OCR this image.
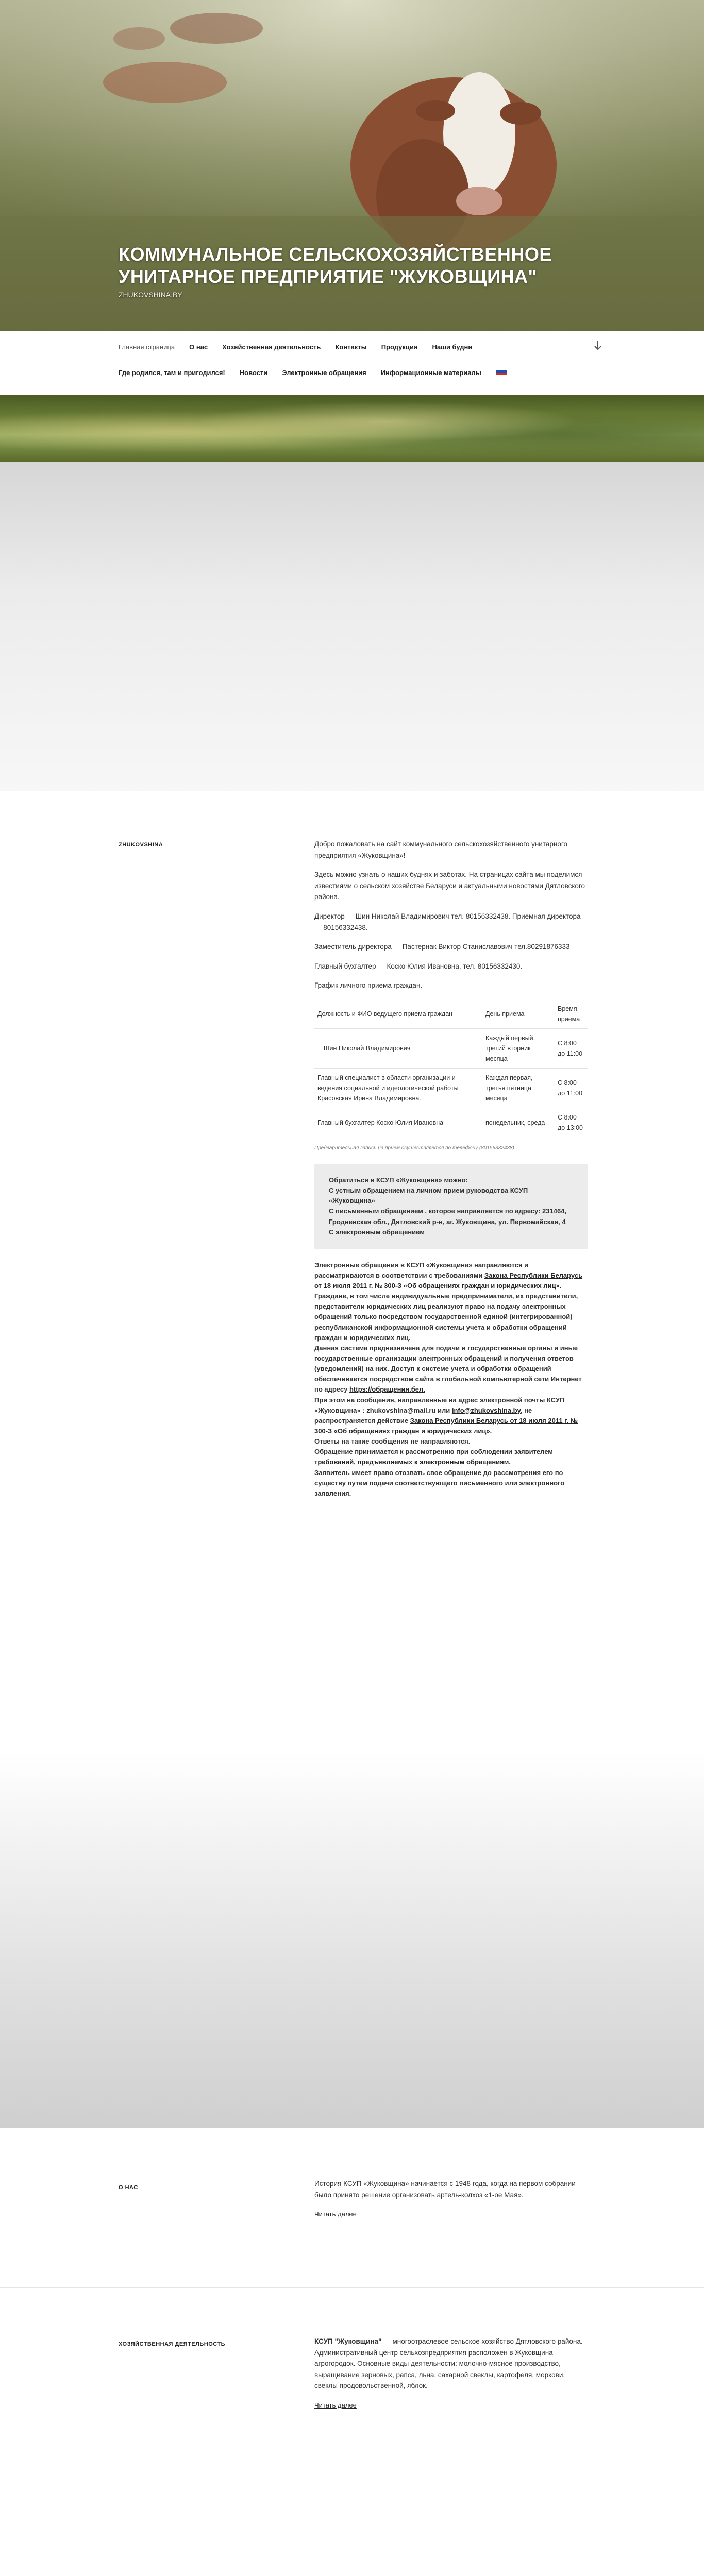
КОММУНАЛЬНОЕ СЕЛЬСКОХОЗЯЙСТВЕННОЕ УНИТАРНОЕ ПРЕДПРИЯТИЕ "ЖУКОВЩИНА"
ZHUKOVSHINA.BY
Главная страница О нас Хозяйственная деятельность Контакты Продукция Наши будни
Где родился, там и пригодился! Новости Электронные обращения Информационные материалы
ZHUKOVSHINA	Добро пожаловать на сайт коммунального сельскохозяйственного унитарного предприятия «Жуковщина»!

Здесь можно узнать о наших буднях и заботах. На страницах сайта мы поделимся известиями о сельском хозяйстве Беларуси и актуальными новостями Дятловского района.

Директор — Шин Николай Владимирович тел. 80156332438. Приемная директора — 80156332438.

Заместитель директора — Пастернак Виктор Станиславович тел.80291876333

Главный бухгалтер — Коско Юлия Ивановна, тел. 80156332430.

График личного приема граждан.

Должность и ФИО ведущего приема граждан	День приема	Время приема
Шин Николай Владимирович	Каждый первый, третий вторник месяца	С 8:00 до 11:00
Главный специалист в области организации и ведения социальной и идеологической работы Красовская Ирина Владимировна.	Каждая первая, третья пятница месяца	С 8:00 до 11:00
Главный бухгалтер Коско Юлия Ивановна	понедельник, среда	С 8:00 до 13:00
Предварительная запись на прием осуществляется по телефону (80156332438)
Обратиться в КСУП «Жуковщина» можно:
С устным обращением на личном прием руководства КСУП «Жуковщина»
С письменным обращением , которое направляется по адресу: 231464, Гродненская обл., Дятловский р-н, аг. Жуковщина, ул. Первомайская, 4
С электронным обращением
Электронные обращения в КСУП «Жуковщина» направляются и рассматриваются в соответствии с требованиями Закона Республики Беларусь от 18 июля 2011 г. № 300-З «Об обращениях граждан и юридических лиц».
Граждане, в том числе индивидуальные предприниматели, их представители, представители юридических лиц реализуют право на подачу электронных обращений только посредством государственной единой (интегрированной) республиканской информационной системы учета и обработки обращений граждан и юридических лиц.
Данная система предназначена для подачи в государственные органы и иные государственные организации электронных обращений и получения ответов (уведомлений) на них. Доступ к системе учета и обработки обращений обеспечивается посредством сайта в глобальной компьютерной сети Интернет по адресу https://обращения.бел.
При этом на сообщения, направленные на адрес электронной почты КСУП «Жуковщина» : zhukovshina@mail.ru или info@zhukovshina.by, не распространяется действие Закона Республики Беларусь от 18 июля 2011 г. № 300-З «Об обращениях граждан и юридических лиц».
Ответы на такие сообщения не направляются.
Обращение принимается к рассмотрению при соблюдении заявителем требований, предъявляемых к электронным обращениям.
Заявитель имеет право отозвать свое обращение до рассмотрения его по существу путем подачи соответствующего письменного или электронного заявления.
О НАС	История КСУП «Жуковщина» начинается с 1948 года, когда на первом собрании было принято решение организовать артель-колхоз «1-ое Мая».

Читать далее
ХОЗЯЙСТВЕННАЯ ДЕЯТЕЛЬНОСТЬ	КСУП "Жуковщина" — многоотраслевое сельское хозяйство Дятловского района. Административный центр сельхозпредприятия расположен в Жуковщина агрогородок. Основные виды деятельности: молочно-мясное производство, выращивание зерновых, рапса, льна, сахарной свеклы, картофеля, моркови, свеклы продовольственной, яблок.

Читать далее
